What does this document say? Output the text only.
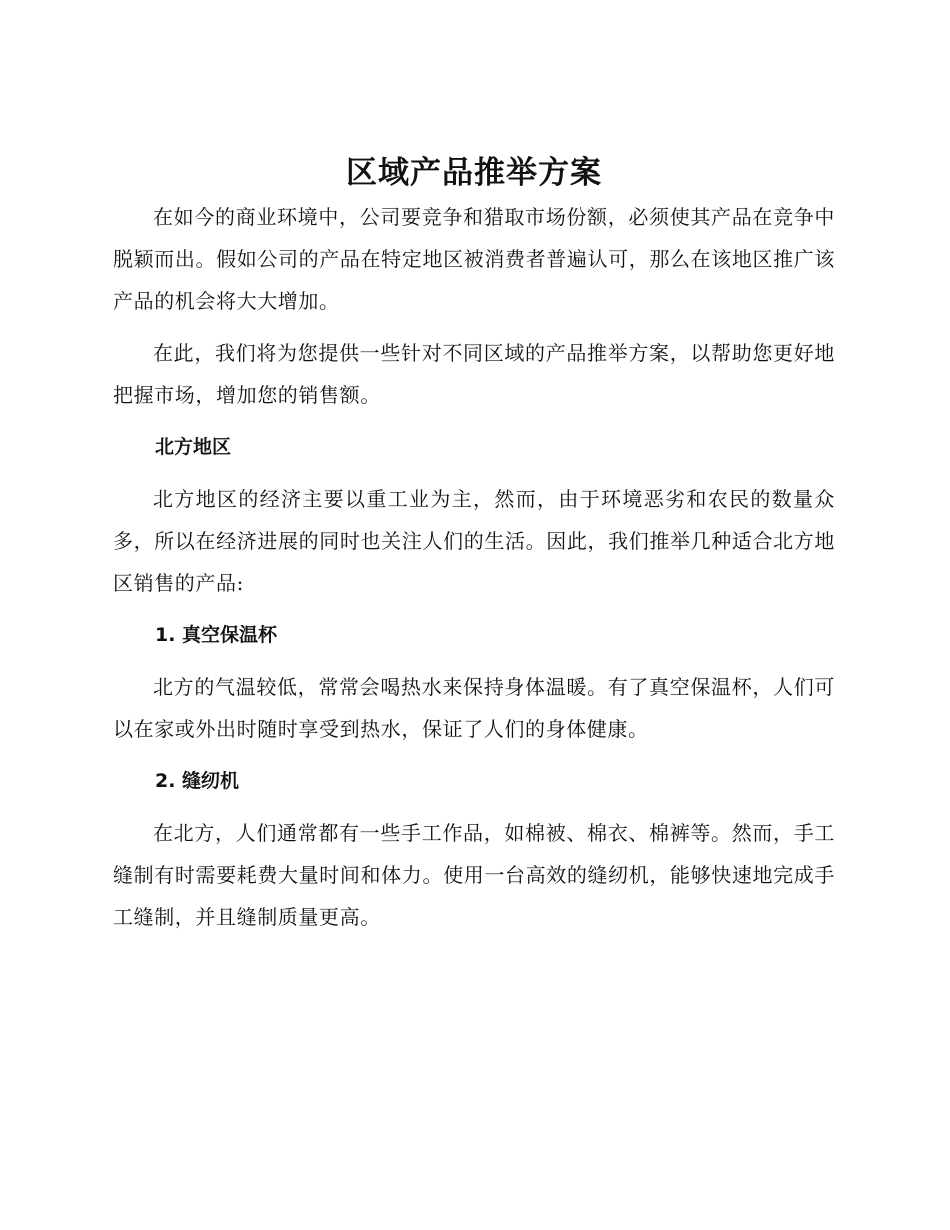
区域产品推举方案

在如今的商业环境中，公司要竞争和猎取市场份额，必须使其产品在竞争中脱颖而出。假如公司的产品在特定地区被消费者普遍认可，那么在该地区推广该产品的机会将大大增加。

在此，我们将为您提供一些针对不同区域的产品推举方案，以帮助您更好地把握市场，增加您的销售额。

北方地区

北方地区的经济主要以重工业为主，然而，由于环境恶劣和农民的数量众多，所以在经济进展的同时也关注人们的生活。因此，我们推举几种适合北方地区销售的产品:

1. 真空保温杯

北方的气温较低，常常会喝热水来保持身体温暖。有了真空保温杯，人们可以在家或外出时随时享受到热水，保证了人们的身体健康。

2. 缝纫机

在北方，人们通常都有一些手工作品，如棉被、棉衣、棉裤等。然而，手工缝制有时需要耗费大量时间和体力。使用一台高效的缝纫机，能够快速地完成手工缝制，并且缝制质量更高。
